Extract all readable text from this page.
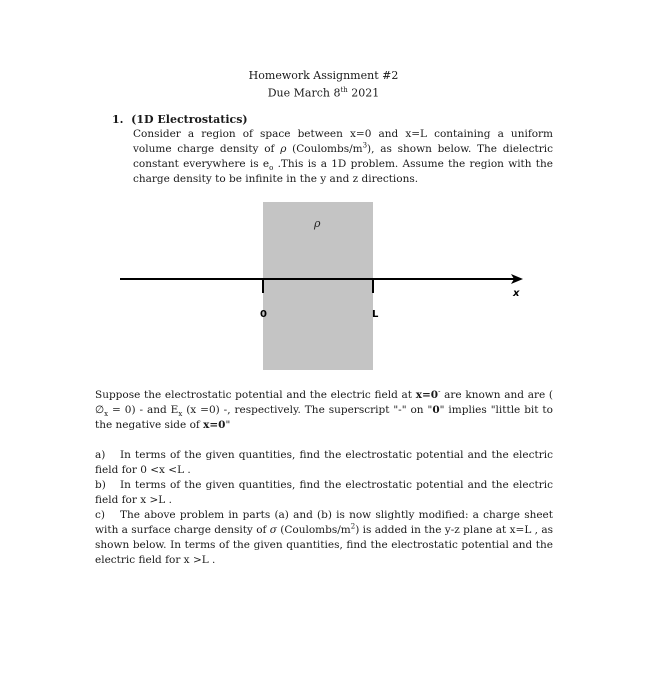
Homework Assignment #2
Due March 8th 2021
1. (1D Electrostatics)
Consider a region of space between x=0 and x=L containing a uniform volume charge density of ρ $(Coulombs/m^3)$, as shown below. The dielectric constant everywhere is $e_o$ .This is a 1D problem. Assume the region with the charge density to be infinite in the y and z directions.
ρ
x
0	L
Suppose the electrostatic potential and the electric field at x=0- are known and are ( $\emptyset_x = 0$) - and $E_x$ (x =0) -, respectively. The superscript "-" on "0" implies "little bit to the negative side of x=0"
a) In terms of the given quantities, find the electrostatic potential and the electric field for 0 <x <L .
b) In terms of the given quantities, find the electrostatic potential and the electric field for x >L .
c) The above problem in parts (a) and (b) is now slightly modified: a charge sheet with a surface charge density of σ $(Coulombs/m^2)$ is added in the y-z plane at x=L , as shown below. In terms of the given quantities, find the electrostatic potential and the electric field for x >L .
